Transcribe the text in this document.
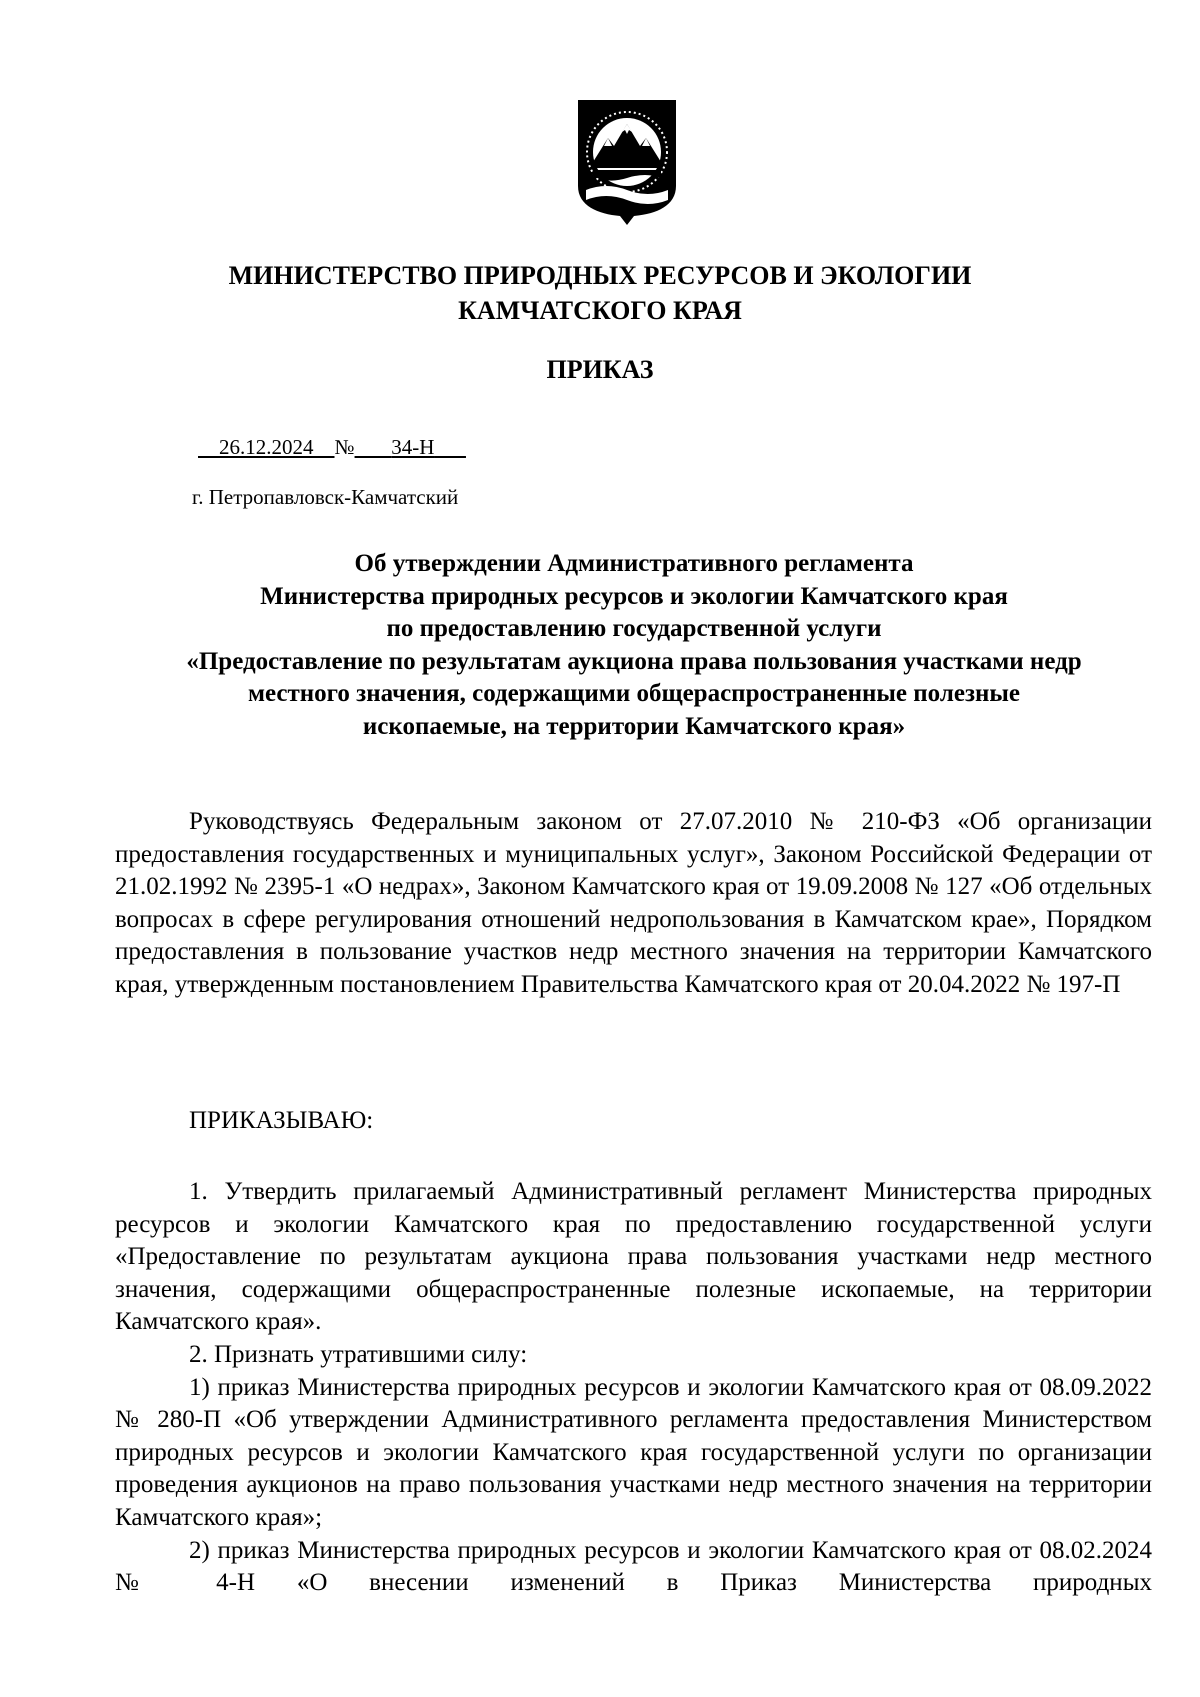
МИНИСТЕРСТВО ПРИРОДНЫХ РЕСУРСОВ И ЭКОЛОГИИ
КАМЧАТСКОГО КРАЯ
ПРИКАЗ
26.12.2024 № 34-Н
г. Петропавловск-Камчатский
Об утверждении Административного регламента
Министерства природных ресурсов и экологии Камчатского края
по предоставлению государственной услуги
«Предоставление по результатам аукциона права пользования участками недр
местного значения, содержащими общераспространенные полезные
ископаемые, на территории Камчатского края»

Руководствуясь Федеральным законом от 27.07.2010 № 210-ФЗ «Об организации предоставления государственных и муниципальных услуг», Законом Российской Федерации от 21.02.1992 № 2395-1 «О недрах», Законом Камчатского края от 19.09.2008 № 127 «Об отдельных вопросах в сфере регулирования отношений недропользования в Камчатском крае», Порядком предоставления в пользование участков недр местного значения на территории Камчатского края, утвержденным постановлением Правительства Камчатского края от 20.04.2022 № 197-П

ПРИКАЗЫВАЮ:

1. Утвердить прилагаемый Административный регламент Министерства природных ресурсов и экологии Камчатского края по предоставлению государственной услуги «Предоставление по результатам аукциона права пользования участками недр местного значения, содержащими общераспространенные полезные ископаемые, на территории Камчатского края».

2. Признать утратившими силу:

1) приказ Министерства природных ресурсов и экологии Камчатского края от 08.09.2022 № 280-П «Об утверждении Административного регламента предоставления Министерством природных ресурсов и экологии Камчатского края государственной услуги по организации проведения аукционов на право пользования участками недр местного значения на территории Камчатского края»;

2) приказ Министерства природных ресурсов и экологии Камчатского края от 08.02.2024 № 4-Н «О внесении изменений в Приказ Министерства природных
